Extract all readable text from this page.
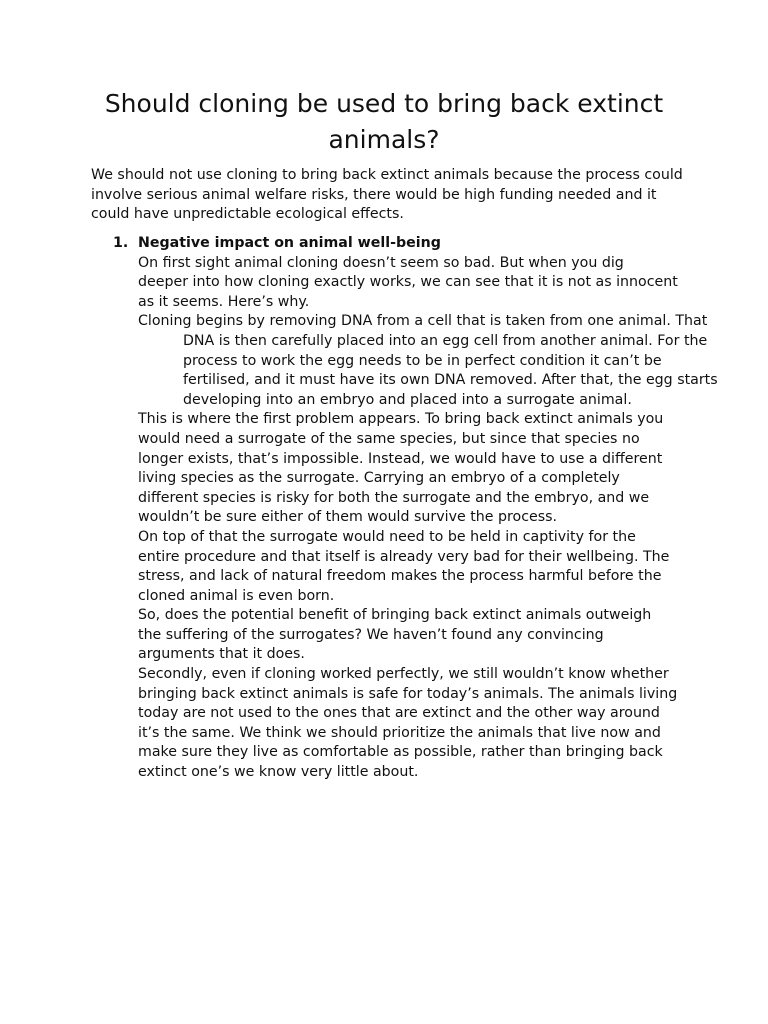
Should cloning be used to bring back extinct animals?

We should not use cloning to bring back extinct animals because the process could involve serious animal welfare risks, there would be high funding needed and it could have unpredictable ecological effects.

1. Negative impact on animal well-being

On first sight animal cloning doesn’t seem so bad. But when you dig deeper into how cloning exactly works, we can see that it is not as innocent as it seems. Here’s why.

Cloning begins by removing DNA from a cell that is taken from one animal. That DNA is then carefully placed into an egg cell from another animal. For the process to work the egg needs to be in perfect condition it can’t be fertilised, and it must have its own DNA removed. After that, the egg starts developing into an embryo and placed into a surrogate animal.

This is where the first problem appears. To bring back extinct animals you would need a surrogate of the same species, but since that species no longer exists, that’s impossible. Instead, we would have to use a different living species as the surrogate. Carrying an embryo of a completely different species is risky for both the surrogate and the embryo, and we wouldn’t be sure either of them would survive the process.

On top of that the surrogate would need to be held in captivity for the entire procedure and that itself is already very bad for their wellbeing. The stress, and lack of natural freedom makes the process harmful before the cloned animal is even born.

So, does the potential benefit of bringing back extinct animals outweigh the suffering of the surrogates? We haven’t found any convincing arguments that it does.

Secondly, even if cloning worked perfectly, we still wouldn’t know whether bringing back extinct animals is safe for today’s animals. The animals living today are not used to the ones that are extinct and the other way around it’s the same. We think we should prioritize the animals that live now and make sure they live as comfortable as possible, rather than bringing back extinct one’s we know very little about.
